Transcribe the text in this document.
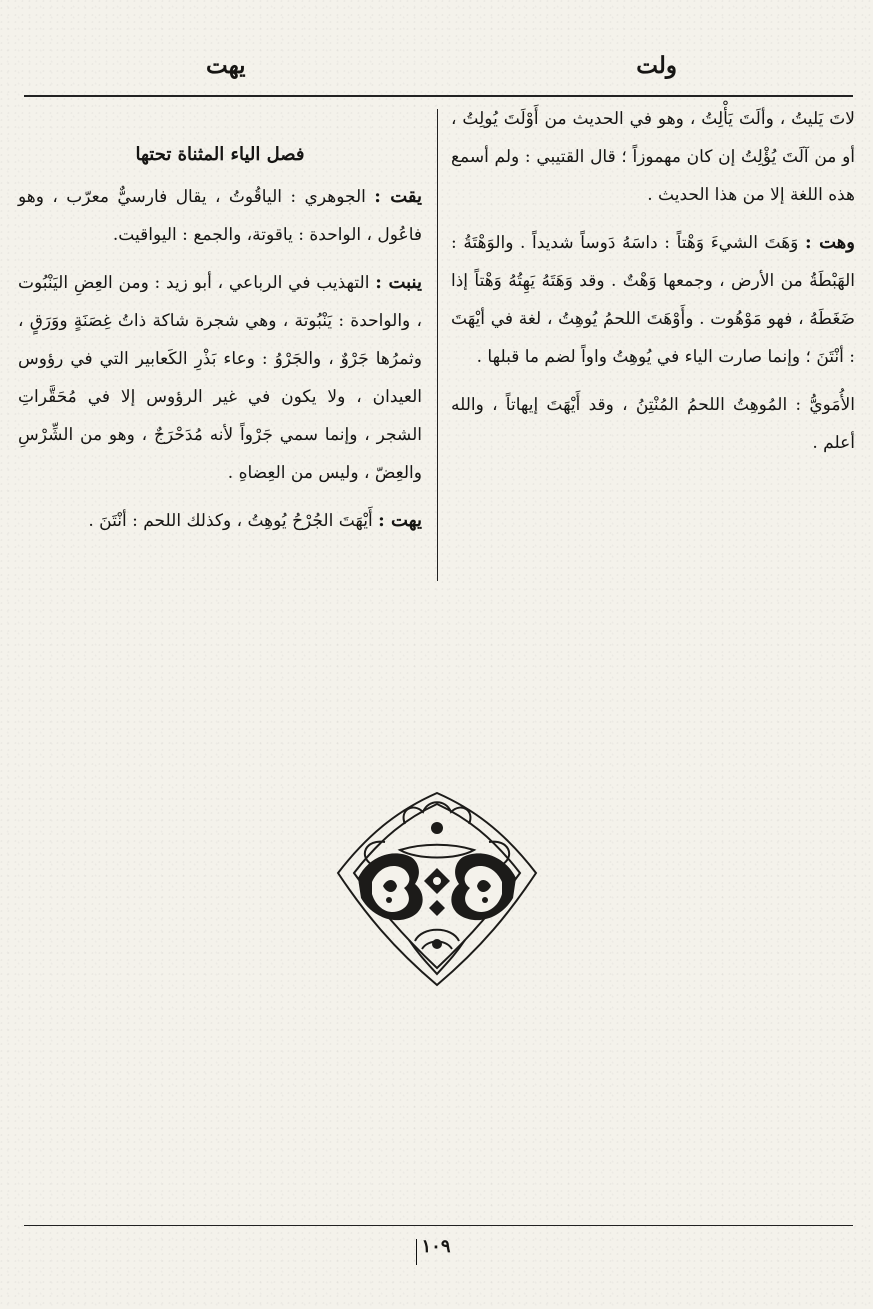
ولت
يهت

لاتَ يَليتُ ، وألَتَ يَأْلِتُ ، وهو في الحديث من أَوْلَتَ يُولِتُ ، أو من آلَتَ يُؤْلِتُ إن كان مهموزاً ؛ قال القتيبي : ولم أسمع هذه اللغة إلا من هذا الحديث .

وهت : وَهَتَ الشيءَ وَهْتاً : داسَهُ دَوساً شديداً . والوَهْتَةُ : الهَبْطَةُ من الأرض ، وجمعها وَهْتٌ . وقد وَهَتَهُ يَهِتُهُ وَهْتاً إذا ضَغَطَهُ ، فهو مَوْهُوت . وأَوْهَتَ اللحمُ يُوهِتُ ، لغة في أيْهَتَ : أنْتَنَ ؛ وإنما صارت الياء في يُوهِتُ واواً لضم ما قبلها .

الأُمَويُّ : المُوهِتُ اللحمُ المُنْتِنُ ، وقد أَيْهَتَ إيهاتاً ، والله أعلم .

فصل الياء المثناة تحتها

يقت : الجوهري : الياقُوتُ ، يقال فارسيٌّ معرّب ، وهو فاعُول ، الواحدة : ياقوتة، والجمع : اليواقيت.

ينبت : التهذيب في الرباعي ، أبو زيد : ومن العِضِ اليَنْبُوت ، والواحدة : يَنْبُوتة ، وهي شجرة شاكة ذاتُ غِصَنَةٍ ووَرَقٍ ، وثمرُها جَرْوٌ ، والجَرْوُ : وعاء بَذْرِ الكَعابير التي في رؤوس العيدان ، ولا يكون في غير الرؤوس إلا في مُحَقَّراتِ الشجر ، وإنما سمي جَرْواً لأنه مُدَحْرَجٌ ، وهو من الشِّرْسِ والعِضّ ، وليس من العِضاهِ .

يهت : أَيْهَتَ الجُرْحُ يُوهِتُ ، وكذلك اللحم : أنْتَنَ .

١٠٩
